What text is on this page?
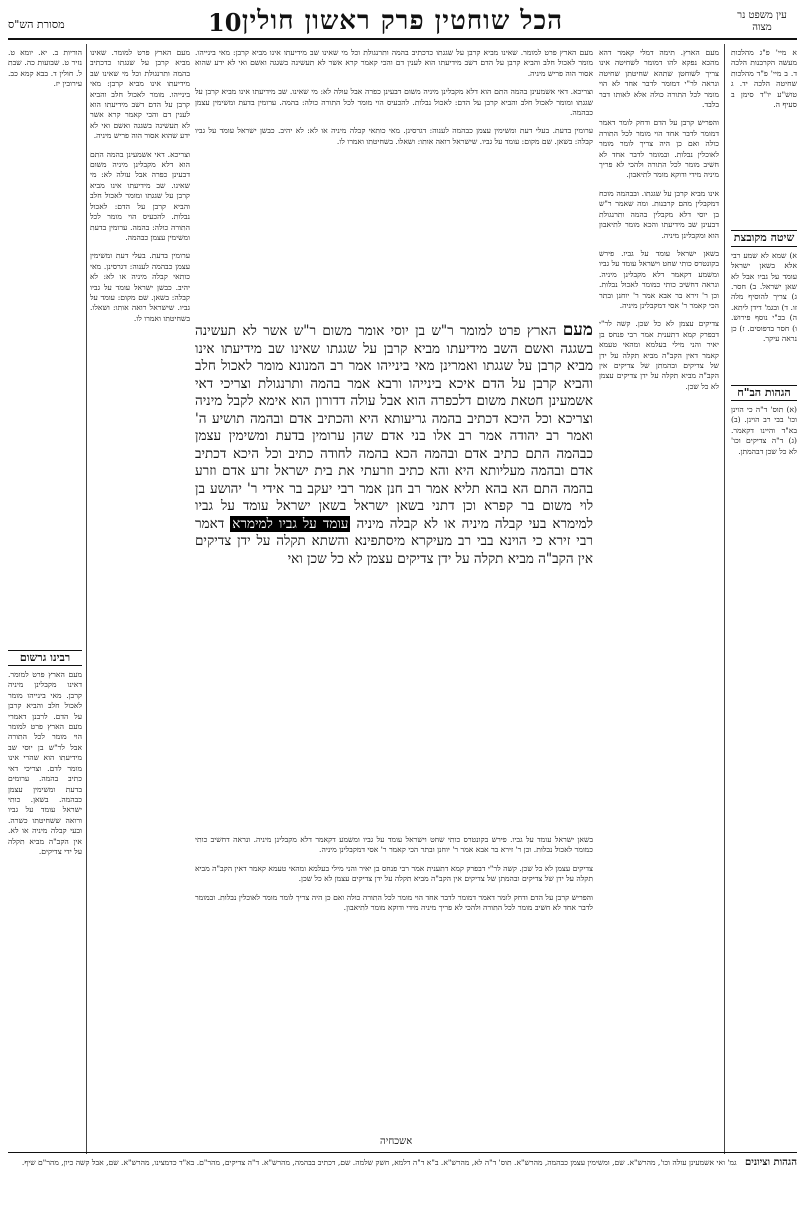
עין משפט נר מצוה
הכל שוחטין פרק ראשון חולין
10
מסורת הש"ס

א מיי' פ"ג מהלכות מעשה הקרבנות הלכה ד. ב מיי' פ"ד מהלכות שחיטה הלכה יד. ג טוש"ע יו"ד סימן ב סעיף ה.

שיטה מקובצת

א) שמא לא שמע רבי אלא בשאן ישראל עומד על גביו אבל לא שאן ישראל. ב) חסר. ג) צריך להוסיף מלה זו. ד) ובגמ' דידן ליתא. ה) בכ"י נוסף פירוש. ו) חסר בדפוסים. ז) כן נראה עיקר.

הגהות הב"ח

(א) תוס' ד"ה כי הוינן וכו' בבי רב הוינן. (ב) בא"ד והיינו דקאמר. (ג) ד"ה צדיקים וכו' לא כל שכן דבהמתן.

מעם הארץ. תימה דמלי קאמר דהא מהכא נפקא להו דמומר לשחיטה אינו צריך לשוחטן שתהא שחיטתן שחיטה ונראה לר"י דמומר לדבר אחד לא הוי מומר לכל התורה כולה אלא לאותו דבר בלבד.

והפריש קרבן על הדם ודחק לומר דאמר דמומר לדבר אחד הוי מומר לכל התורה כולה ואם כן היה צריך לומר מומר לאוכלין נבלות. ובמומר לדבר אחד לא חשיב מומר לכל התורה ולהכי לא פריך מיניה מידי ודוקא מומר לתיאבון.

אינו מביא קרבן על שגגתו. ובבהמה מוכח דמקבלין מהם קרבנות. ומה שאמר ר"ש בן יוסי דלא מקבלין בהמה ותרנגולת דבעינן שב מידיעתו והכא מומר לתיאבון הוא ומקבלינן מיניה.

בשאן ישראל עומד על גביו. פירש בקונטרס כותי שחט וישראל עומד על גביו ומשמע דקאמר דלא מקבלינן מיניה. ונראה דחשיב כותי כמומר לאכול נבלות. וכן ר' זירא בר אבא אמר ר' יוחנן ובתר הכי קאמר ר' אסי דמקבלינן מיניה.

צדיקים עצמן לא כל שכן. קשה לר"י דבפרק קמא דתענית אמר רבי פנחס בן יאיר והני מילי בעלמא ומהאי טעמא קאמר דאין הקב"ה מביא תקלה על ידן של צדיקים ובהמתן של צדיקים אין הקב"ה מביא תקלה על ידן צדיקים עצמן לא כל שכן.

מעם הארץ פרט למומר. שאינו מביא קרבן על שגגתו כדכתיב בהמה ותרנגולת וכל מי שאינו שב מידיעתו אינו מביא קרבן: מאי בינייהו. מומר לאכול חלב והביא קרבן על הדם דשב מידיעתו הוא לענין דם והכי קאמר קרא אשר לא תעשינה בשגגה ואשם ואי לא ידע שהוא אסור הוה פריש מיניה.

וצריכא. דאי אשמעינן בהמה התם הוא דלא מקבלינן מיניה משום דבעינן כפרה אבל עולה לא: מי שאינו. שב מידיעתו אינו מביא קרבן על שגגתו ומומר לאכול חלב והביא קרבן על הדם: לאכול נבלות. להכעיס הוי מומר לכל התורה כולה: בהמה. ערומין בדעת ומשימין עצמן כבהמה.

ערומין בדעת. בעלי דעת ומשימין עצמן כבהמה לענוה: דגרסינן. מאי כותאי קבלה מיניה או לא: לא יהיב. כבשן ישראל עומד על גביו קבלה: בשאן. שם מקום: עומד על גביו. שישראל רואה אותו: ושאלו. בשחיטתו ואמרו לו.

מעם הארץ פרט למומר ר"ש בן יוסי אומר משום ר"ש אשר לא תעשינה בשגגה ואשם השב מידיעתו מביא קרבן על שגגתו שאינו שב מידיעתו אינו מביא קרבן על שגגתו ואמרינן מאי בינייהו אמר רב המנונא מומר לאכול חלב והביא קרבן על הדם איכא בינייהו ורבא אמר בהמה ותרנגולת וצריכי דאי אשמעינן חטאת משום דלכפרה הוא אבל עולה דדורון הוא אימא לקבל מיניה וצריכא וכל היכא דכתיב בהמה גריעותא היא והכתיב אדם ובהמה תושיע ה' ואמר רב יהודה אמר רב אלו בני אדם שהן ערומין בדעת ומשימין עצמן כבהמה התם כתיב אדם ובהמה הכא בהמה לחודה כתיב וכל היכא דכתיב אדם ובהמה מעליותא היא והא כתיב וזרעתי את בית ישראל זרע אדם וזרע בהמה התם הא בהא תליא אמר רב חנן אמר רבי יעקב בר אידי ר' יהושע בן לוי משום בר קפרא וכן דתני בשאן ישראל בשאן ישראל עומד על גביו למימרא בעי קבלה מיניה או לא קבלה מיניה עומד על גביו למימרא דאמר רבי זירא כי הוינא בבי רב מעיקרא מיסתפינא והשתא תקלה על ידן צדיקים אין הקב"ה מביא תקלה על ידן צדיקים עצמן לא כל שכן ואי

בשאן ישראל עומד על גביו. פירש בקונטרס כותי שחט וישראל עומד על גביו ומשמע דקאמר דלא מקבלינן מיניה. ונראה דחשיב כותי כמומר לאכול נבלות. וכן ר' זירא בר אבא אמר ר' יוחנן ובתר הכי קאמר ר' אסי דמקבלינן מיניה.

צדיקים עצמן לא כל שכן. קשה לר"י דבפרק קמא דתענית אמר רבי פנחס בן יאיר והני מילי בעלמא ומהאי טעמא קאמר דאין הקב"ה מביא תקלה על ידן של צדיקים ובהמתן של צדיקים אין הקב"ה מביא תקלה על ידן צדיקים עצמן לא כל שכן.

והפריש קרבן על הדם ודחק לומר דאמר דמומר לדבר אחד הוי מומר לכל התורה כולה ואם כן היה צריך לומר מומר לאוכלין נבלות. ובמומר לדבר אחד לא חשיב מומר לכל התורה ולהכי לא פריך מיניה מידי ודוקא מומר לתיאבון.

מעם הארץ פרט למומר. שאינו מביא קרבן על שגגתו כדכתיב בהמה ותרנגולת וכל מי שאינו שב מידיעתו אינו מביא קרבן: מאי בינייהו. מומר לאכול חלב והביא קרבן על הדם דשב מידיעתו הוא לענין דם והכי קאמר קרא אשר לא תעשינה בשגגה ואשם ואי לא ידע שהוא אסור הוה פריש מיניה.

וצריכא. דאי אשמעינן בהמה התם הוא דלא מקבלינן מיניה משום דבעינן כפרה אבל עולה לא: מי שאינו. שב מידיעתו אינו מביא קרבן על שגגתו ומומר לאכול חלב והביא קרבן על הדם: לאכול נבלות. להכעיס הוי מומר לכל התורה כולה: בהמה. ערומין בדעת ומשימין עצמן כבהמה.

ערומין בדעת. בעלי דעת ומשימין עצמן כבהמה לענוה: דגרסינן. מאי כותאי קבלה מיניה או לא: לא יהיב. כבשן ישראל עומד על גביו קבלה: בשאן. שם מקום: עומד על גביו. שישראל רואה אותו: ושאלו. בשחיטתו ואמרו לו.

הוריות ב. יא. יומא ט. נזיר ט. שבועות כה. שבת ל. חולין ד. בבא קמא כב. עירובין יז.

רבינו גרשום

מעם הארץ פרט למומר. דאינו מקבלינן מיניה קרבן. מאי בינייהו מומר לאכול חלב והביא קרבן על הדם. לרבנן דאמרי מעם הארץ פרט למומר הוי מומר לכל התורה אבל לר"ש בן יוסי שב מידיעתו הוא שהרי אינו מומר לדם. וצריכי דאי כתיב בהמה. ערומים בדעת ומשימין עצמן כבהמה. בשאן. כותי ישראל עומד על גביו ורואה ששחיטתו כשרה. ובעי קבלה מיניה או לא. אין הקב"ה מביא תקלה על ידי צדיקים.

אשכחיה
הגהות וציונים גמ' ואי אשמעינן עולה וכו', מהרש"א. שם, ומשימין עצמן כבהמה, מהרש"א. תוס' ד"ה לא, מהרש"א. ב"א ד"ה דלמא, חשק שלמה. שם, דכתיב בבהמה, מהרש"א. ד"ה צדיקים, מהר"ם. בא"ד כדמצינו, מהרש"א. שם, אבל קשה כיון, מהר"ם שיף.
